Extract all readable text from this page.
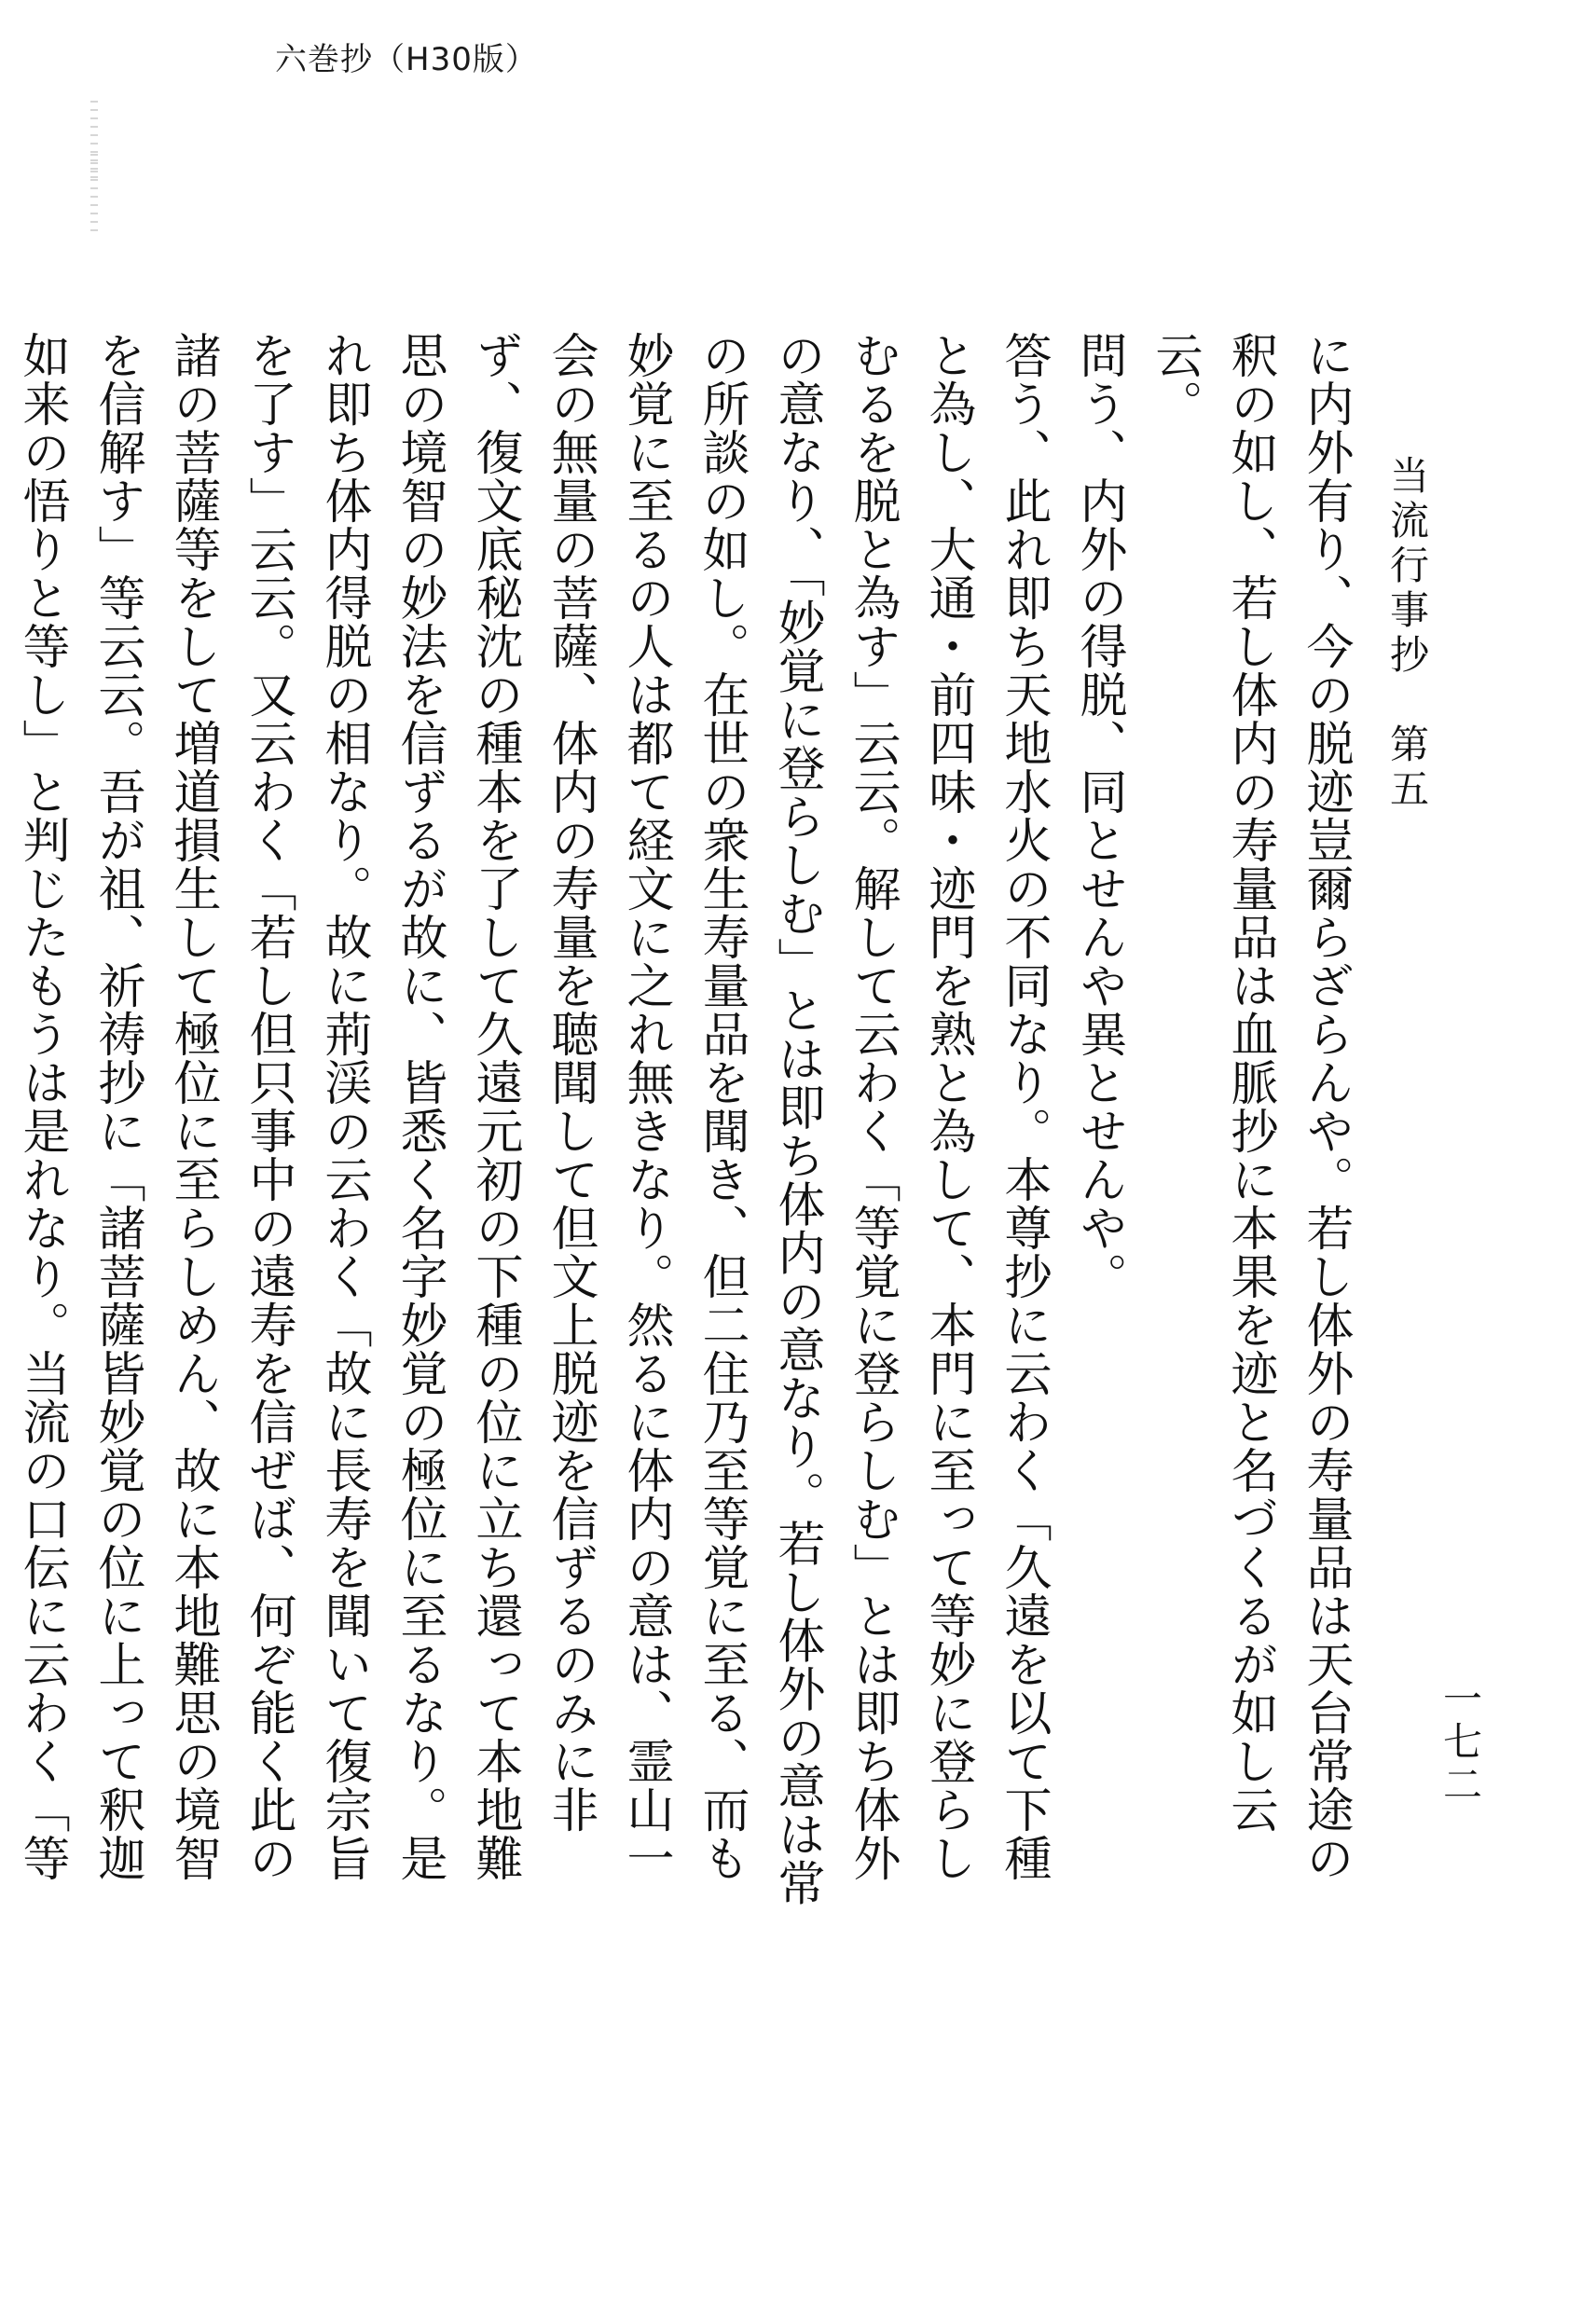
六巻抄（H30版）
当流行事抄　第五
一七二
に内外有り、今の脱迹豈爾らざらんや。若し体外の寿量品は天台常途の釈の如し、若し体内の寿量品は血脈抄に本果を迹と名づくるが如し云云。
問う、内外の得脱、同とせんや異とせんや。
答う、此れ即ち天地水火の不同なり。本尊抄に云わく「久遠を以て下種と為し、大通・前四味・迹門を熟と為して、本門に至って等妙に登らしむるを脱と為す」云云。解して云わく「等覚に登らしむ」とは即ち体外の意なり、「妙覚に登らしむ」とは即ち体内の意なり。若し体外の意は常の所談の如し。在世の衆生寿量品を聞き、但二住乃至等覚に至る、而も妙覚に至るの人は都て経文に之れ無きなり。然るに体内の意は、霊山一会の無量の菩薩、体内の寿量を聴聞して但文上脱迹を信ずるのみに非ず、復文底秘沈の種本を了して久遠元初の下種の位に立ち還って本地難思の境智の妙法を信ずるが故に、皆悉く名字妙覚の極位に至るなり。是れ即ち体内得脱の相なり。故に荊渓の云わく「故に長寿を聞いて復宗旨を了す」云云。又云わく「若し但只事中の遠寿を信ぜば、何ぞ能く此の諸の菩薩等をして増道損生して極位に至らしめん、故に本地難思の境智を信解す」等云云。吾が祖、祈祷抄に「諸菩薩皆妙覚の位に上って釈迦如来の悟りと等し」と判じたもうは是れなり。当流の口伝に云わく「等
